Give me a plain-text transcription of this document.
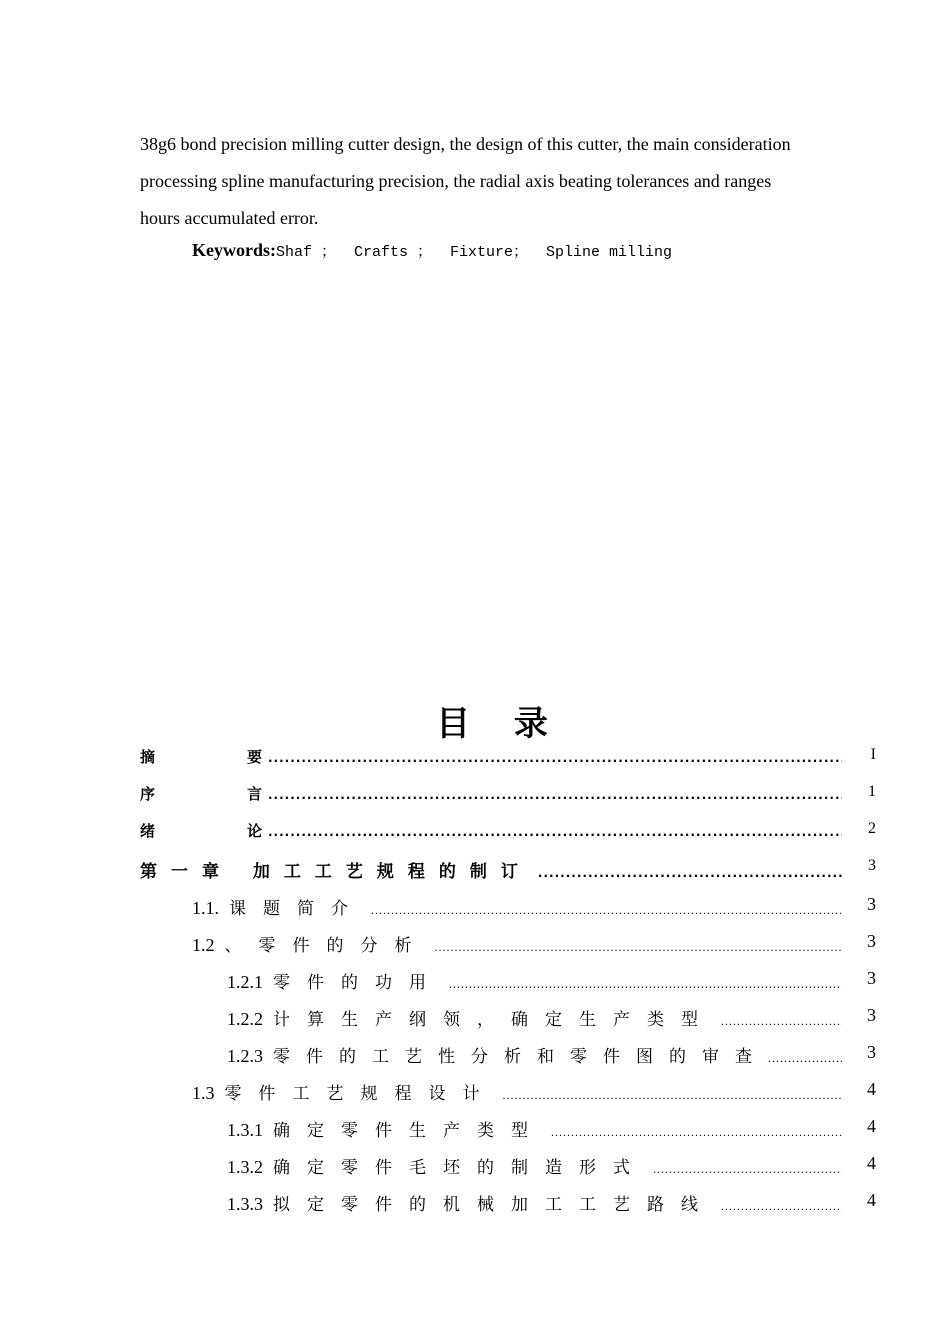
38g6 bond precision milling cutter design, the design of this cutter, the main consideration

processing spline manufacturing precision, the radial axis beating tolerances and ranges

hours accumulated error.

Keywords:Shaf ；  Crafts ；  Fixture；  Spline milling
目 录
摘	要 .....	I
序	言 .....	1
绪	论 .....	2
第一章 加工工艺规程的制订 .....	3
1.1. 课题简介 .....	3
1.2 、零件的分析 .....	3
1.2.1 零件的功用 .....	3
1.2.2 计算生产纲领，确定生产类型 .....	3
1.2.3 零件的工艺性分析和零件图的审查 .....	3
1.3 零件工艺规程设计 .....	4
1.3.1 确定零件生产类型 .....	4
1.3.2 确定零件毛坯的制造形式 .....	4
1.3.3 拟定零件的机械加工工艺路线 .....	4
